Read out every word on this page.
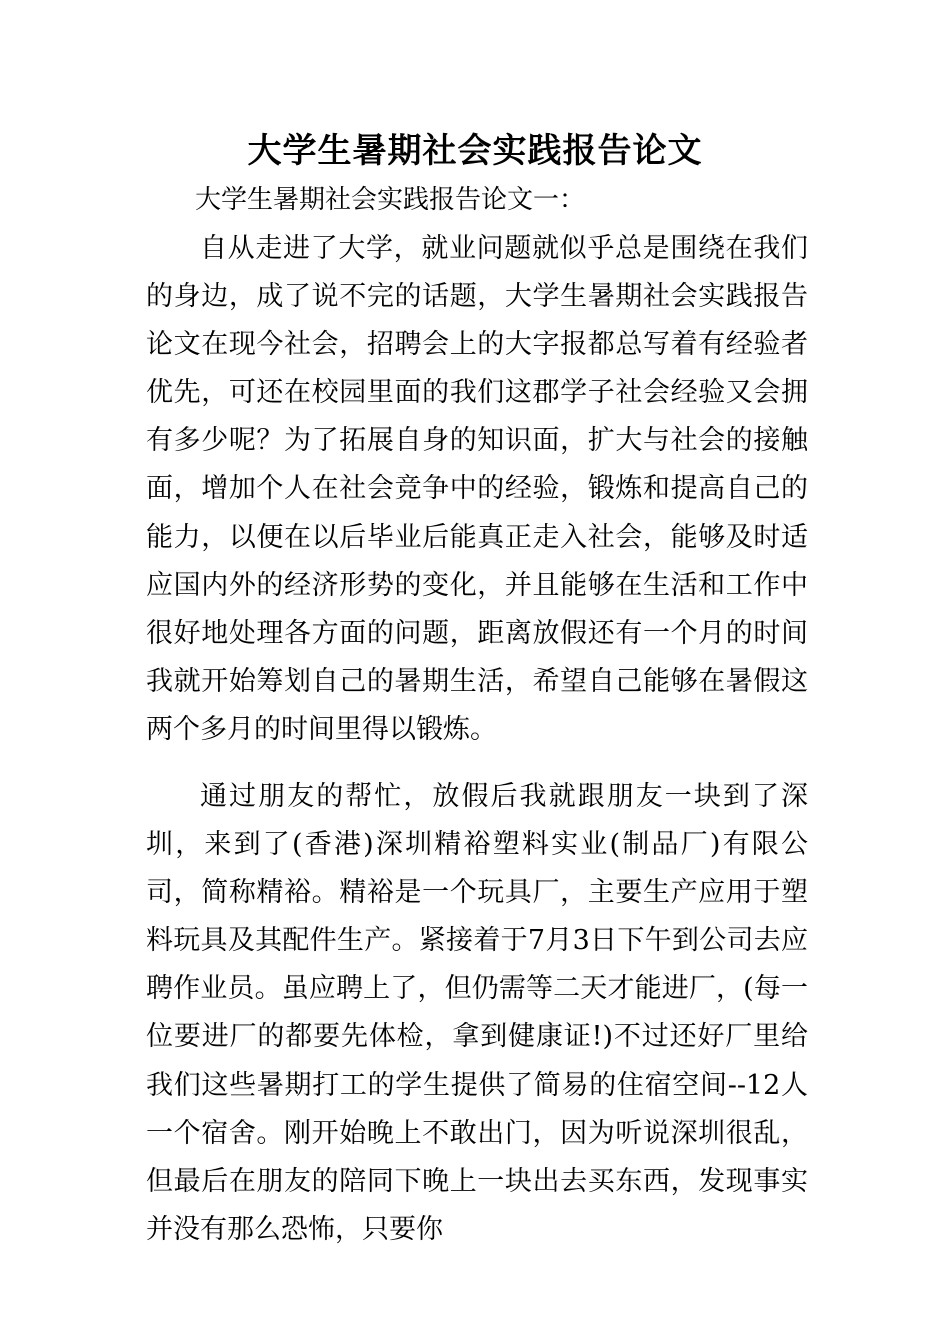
大学生暑期社会实践报告论文
大学生暑期社会实践报告论文一：

自从走进了大学，就业问题就似乎总是围绕在我们的身边，成了说不完的话题，大学生暑期社会实践报告论文在现今社会，招聘会上的大字报都总写着有经验者优先，可还在校园里面的我们这郡学子社会经验又会拥有多少呢？为了拓展自身的知识面，扩大与社会的接触面，增加个人在社会竞争中的经验，锻炼和提高自己的能力，以便在以后毕业后能真正走入社会，能够及时适应国内外的经济形势的变化，并且能够在生活和工作中很好地处理各方面的问题，距离放假还有一个月的时间我就开始筹划自己的暑期生活，希望自己能够在暑假这两个多月的时间里得以锻炼。

通过朋友的帮忙，放假后我就跟朋友一块到了深圳，来到了(香港)深圳精裕塑料实业(制品厂)有限公司，简称精裕。精裕是一个玩具厂，主要生产应用于塑料玩具及其配件生产。紧接着于7月3日下午到公司去应聘作业员。虽应聘上了，但仍需等二天才能进厂，(每一位要进厂的都要先体检，拿到健康证!)不过还好厂里给我们这些暑期打工的学生提供了简易的住宿空间--12人一个宿舍。刚开始晚上不敢出门，因为听说深圳很乱，但最后在朋友的陪同下晚上一块出去买东西，发现事实并没有那么恐怖，只要你
